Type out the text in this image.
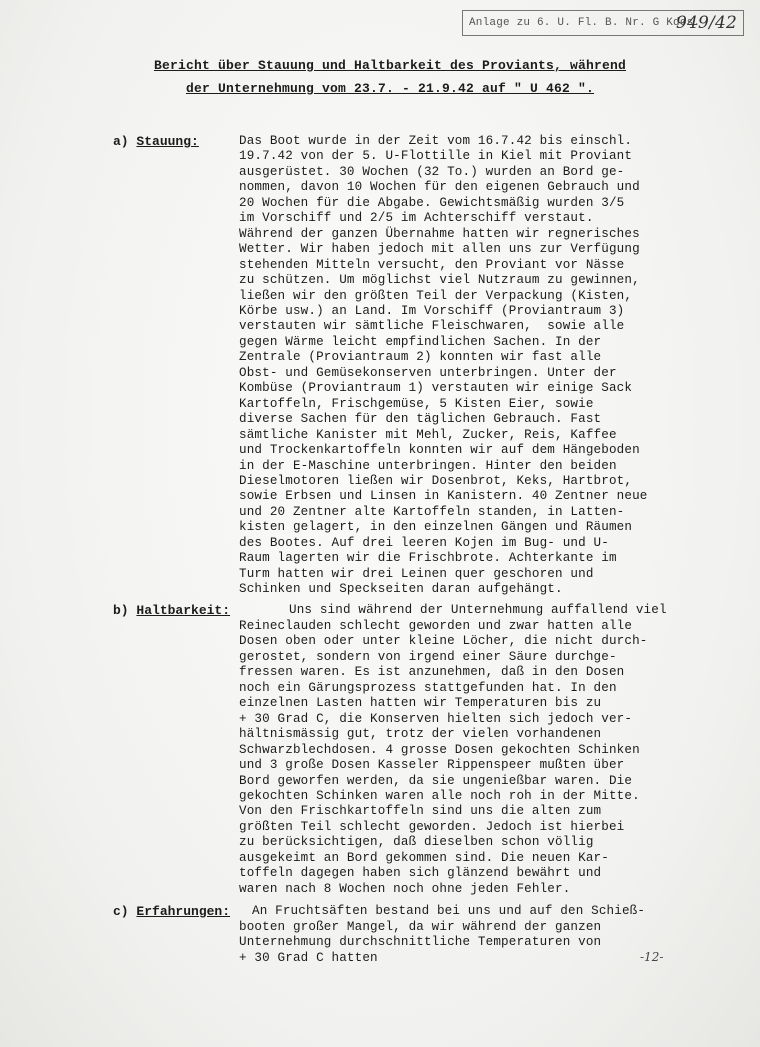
Anlage zu 6. U. Fl. B. Nr. G Kdos.
949/42
Bericht über Stauung und Haltbarkeit des Proviants, während
der Unternehmung vom 23.7. - 21.9.42 auf " U 462 ".
a) Stauung:	Das Boot wurde in der Zeit vom 16.7.42 bis einschl.
19.7.42 von der 5. U-Flottille in Kiel mit Proviant
ausgerüstet. 30 Wochen (32 To.) wurden an Bord ge-
nommen, davon 10 Wochen für den eigenen Gebrauch und
20 Wochen für die Abgabe. Gewichtsmäßig wurden 3/5
im Vorschiff und 2/5 im Achterschiff verstaut.
Während der ganzen Übernahme hatten wir regnerisches
Wetter. Wir haben jedoch mit allen uns zur Verfügung
stehenden Mitteln versucht, den Proviant vor Nässe
zu schützen. Um möglichst viel Nutzraum zu gewinnen,
ließen wir den größten Teil der Verpackung (Kisten,
Körbe usw.) an Land. Im Vorschiff (Proviantraum 3)
verstauten wir sämtliche Fleischwaren,  sowie alle
gegen Wärme leicht empfindlichen Sachen. In der
Zentrale (Proviantraum 2) konnten wir fast alle
Obst- und Gemüsekonserven unterbringen. Unter der
Kombüse (Proviantraum 1) verstauten wir einige Sack
Kartoffeln, Frischgemüse, 5 Kisten Eier, sowie
diverse Sachen für den täglichen Gebrauch. Fast
sämtliche Kanister mit Mehl, Zucker, Reis, Kaffee
und Trockenkartoffeln konnten wir auf dem Hängeboden
in der E-Maschine unterbringen. Hinter den beiden
Dieselmotoren ließen wir Dosenbrot, Keks, Hartbrot,
sowie Erbsen und Linsen in Kanistern. 40 Zentner neue
und 20 Zentner alte Kartoffeln standen, in Latten-
kisten gelagert, in den einzelnen Gängen und Räumen
des Bootes. Auf drei leeren Kojen im Bug- und U-
Raum lagerten wir die Frischbrote. Achterkante im
Turm hatten wir drei Leinen quer geschoren und
Schinken und Speckseiten daran aufgehängt.
b) Haltbarkeit:	Uns sind während der Unternehmung auffallend viel
Reineclauden schlecht geworden und zwar hatten alle
Dosen oben oder unter kleine Löcher, die nicht durch-
gerostet, sondern von irgend einer Säure durchge-
fressen waren. Es ist anzunehmen, daß in den Dosen
noch ein Gärungsprozess stattgefunden hat. In den
einzelnen Lasten hatten wir Temperaturen bis zu
+ 30 Grad C, die Konserven hielten sich jedoch ver-
hältnismässig gut, trotz der vielen vorhandenen
Schwarzblechdosen. 4 grosse Dosen gekochten Schinken
und 3 große Dosen Kasseler Rippenspeer mußten über
Bord geworfen werden, da sie ungenießbar waren. Die
gekochten Schinken waren alle noch roh in der Mitte.
Von den Frischkartoffeln sind uns die alten zum
größten Teil schlecht geworden. Jedoch ist hierbei
zu berücksichtigen, daß dieselben schon völlig
ausgekeimt an Bord gekommen sind. Die neuen Kar-
toffeln dagegen haben sich glänzend bewährt und
waren nach 8 Wochen noch ohne jeden Fehler.
c) Erfahrungen: An Fruchtsäften bestand bei uns und auf den Schieß-
booten großer Mangel, da wir während der ganzen
Unternehmung durchschnittliche Temperaturen von
+ 30 Grad C hatten	-12-
